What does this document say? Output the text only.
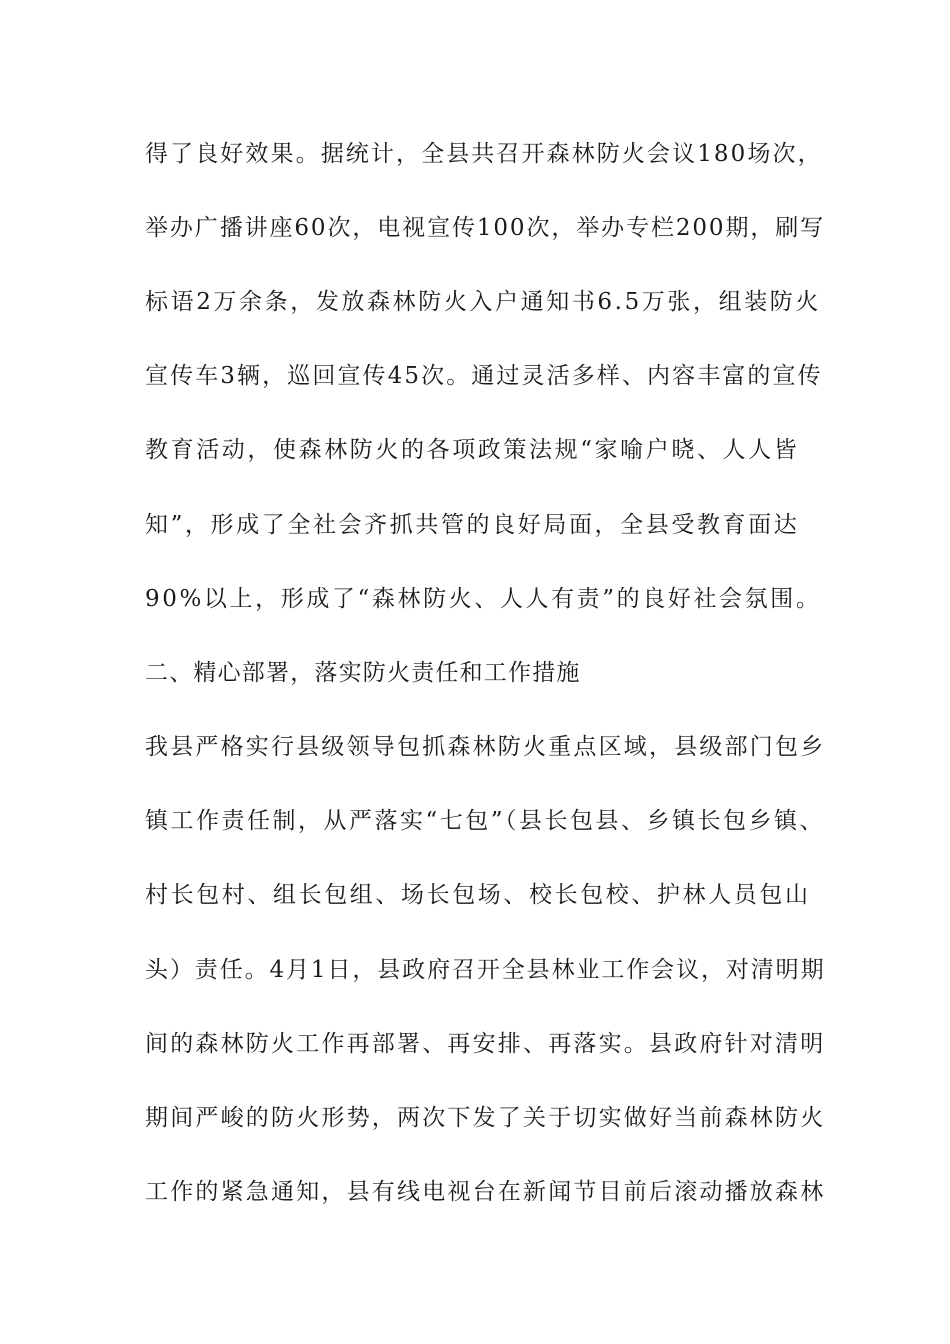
得了良好效果。据统计，全县共召开森林防火会议180场次，
举办广播讲座60次，电视宣传100次，举办专栏200期，刷写
标语2万余条，发放森林防火入户通知书6.5万张，组装防火
宣传车3辆，巡回宣传45次。通过灵活多样、内容丰富的宣传
教育活动，使森林防火的各项政策法规“家喻户晓、人人皆
知”，形成了全社会齐抓共管的良好局面，全县受教育面达
90%以上，形成了“森林防火、人人有责”的良好社会氛围。
二、精心部署，落实防火责任和工作措施
我县严格实行县级领导包抓森林防火重点区域，县级部门包乡
镇工作责任制，从严落实“七包”（县长包县、乡镇长包乡镇、
村长包村、组长包组、场长包场、校长包校、护林人员包山
头）责任。4月1日，县政府召开全县林业工作会议，对清明期
间的森林防火工作再部署、再安排、再落实。县政府针对清明
期间严峻的防火形势，两次下发了关于切实做好当前森林防火
工作的紧急通知，县有线电视台在新闻节目前后滚动播放森林
